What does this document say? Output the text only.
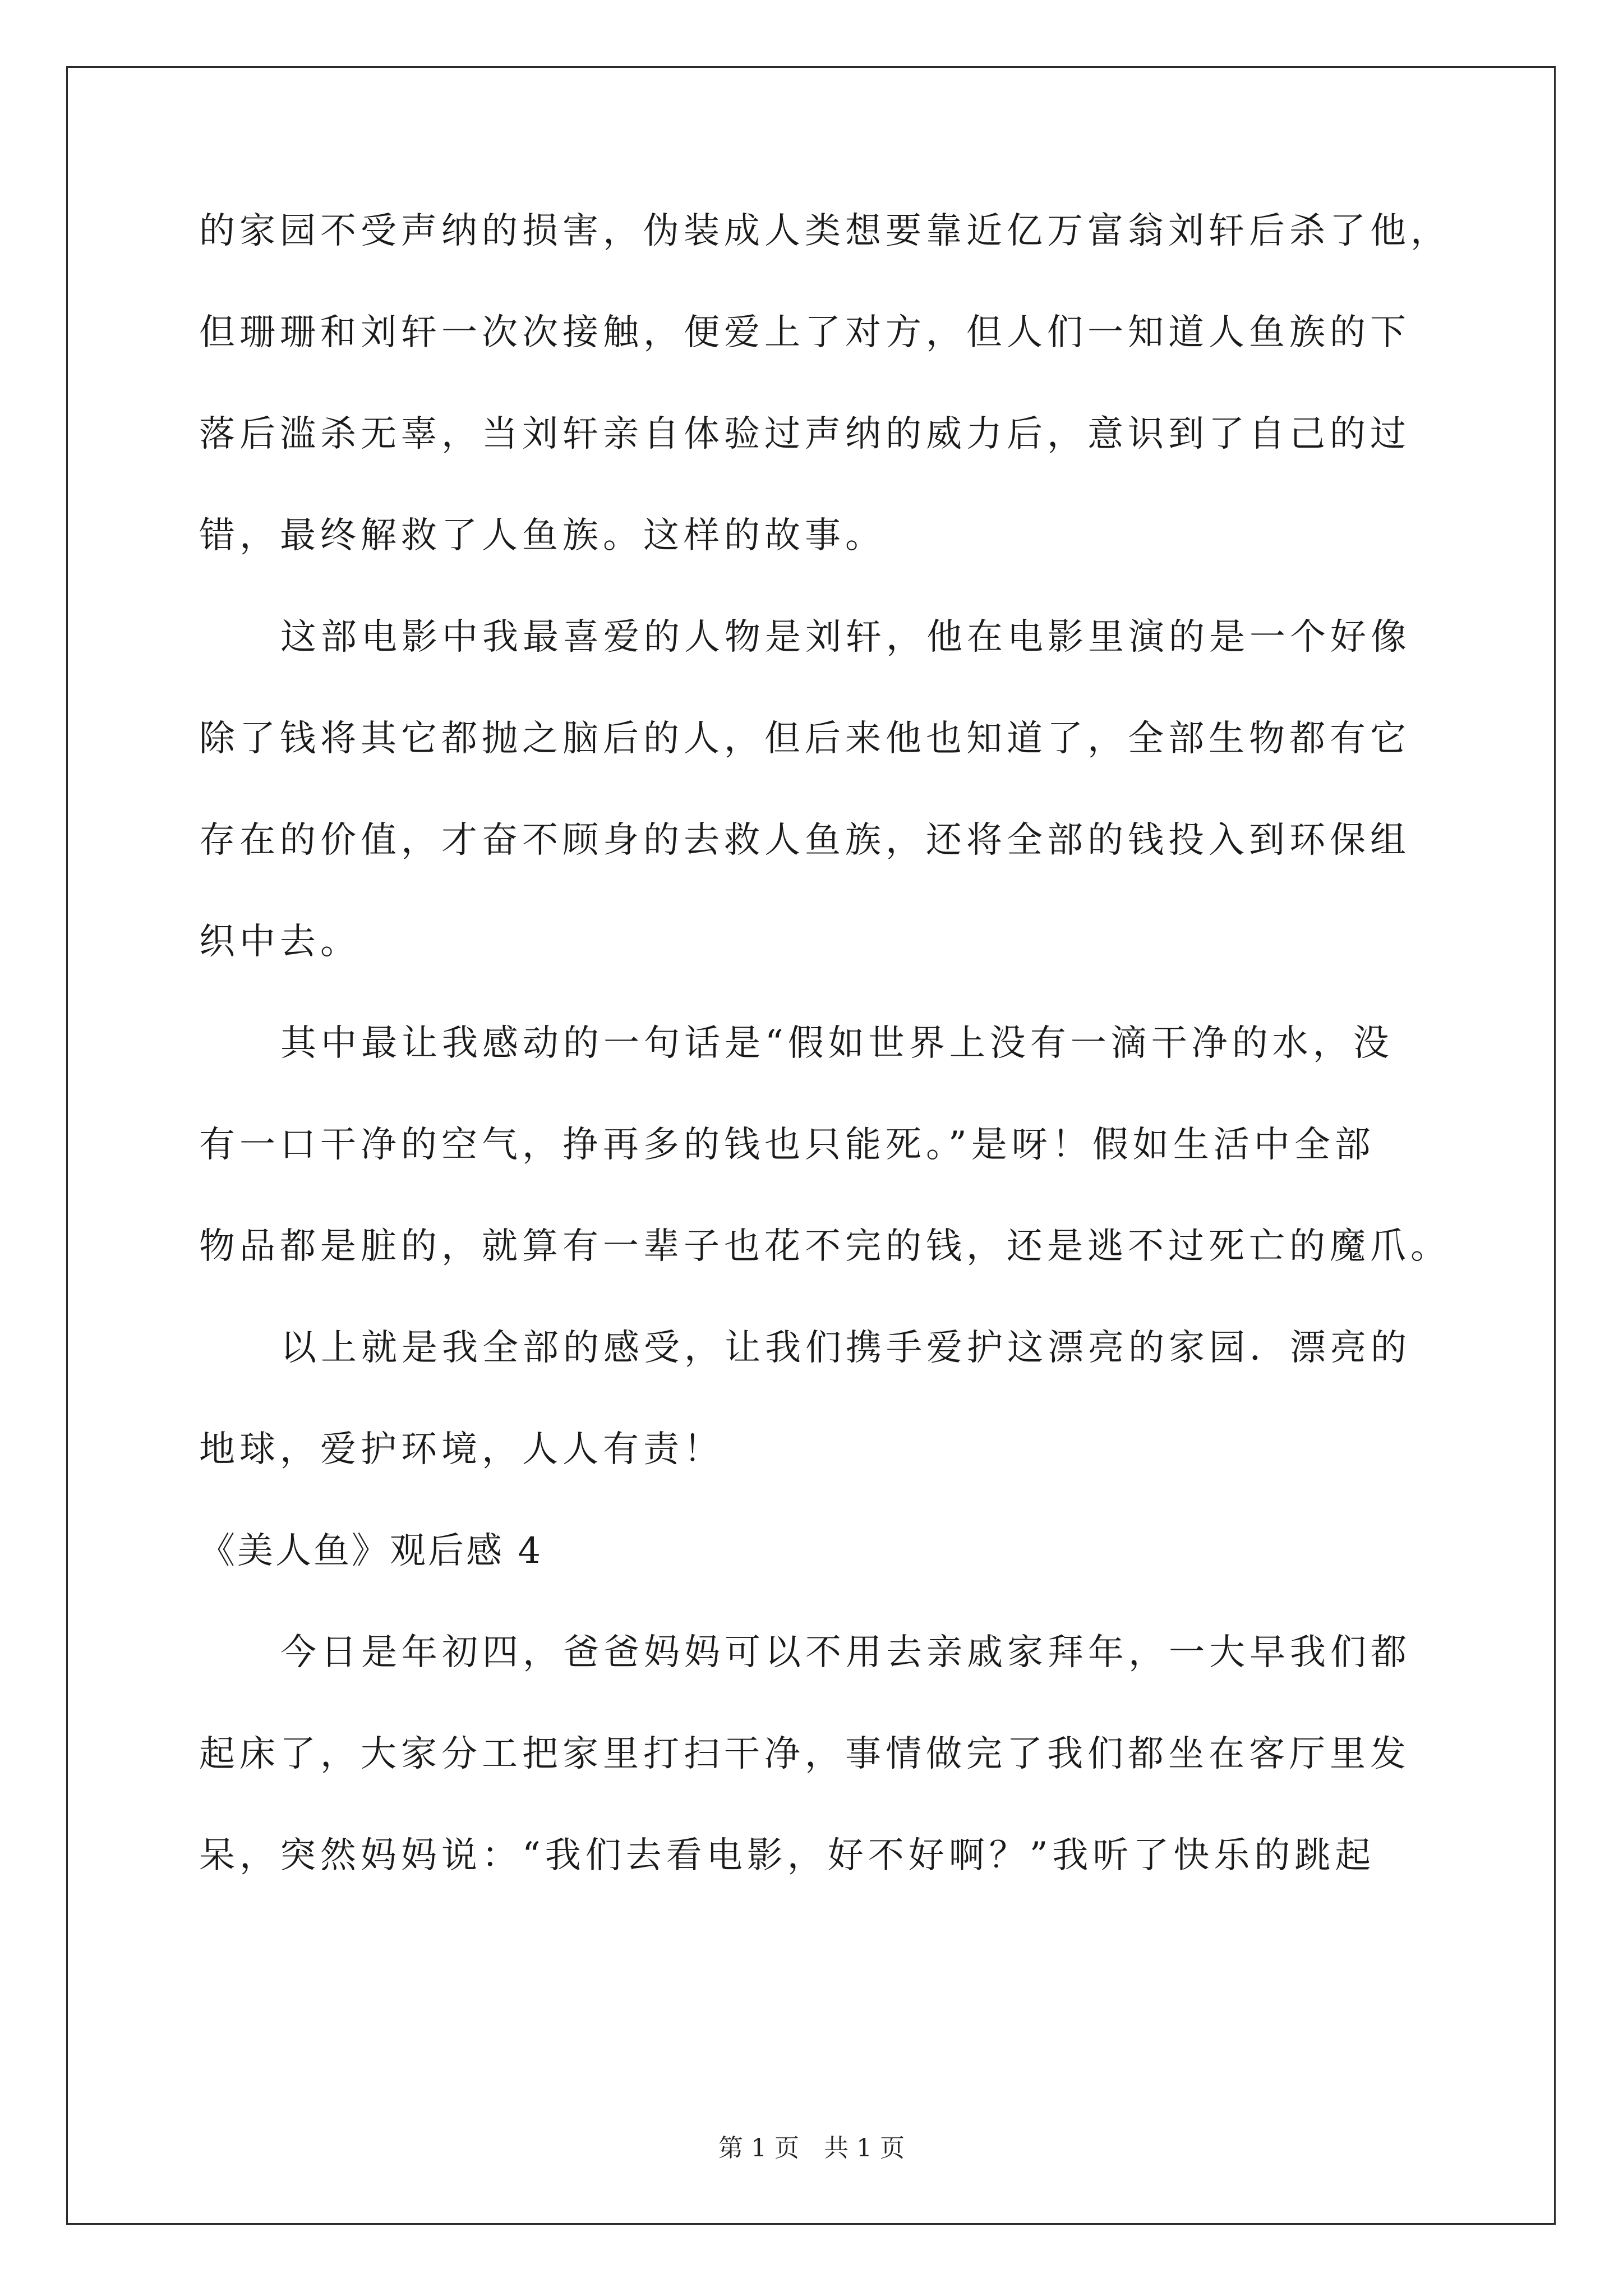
的家园不受声纳的损害，伪装成人类想要靠近亿万富翁刘轩后杀了他，
但珊珊和刘轩一次次接触，便爱上了对方，但人们一知道人鱼族的下
落后滥杀无辜，当刘轩亲自体验过声纳的威力后，意识到了自己的过
错，最终解救了人鱼族。这样的故事。
这部电影中我最喜爱的人物是刘轩，他在电影里演的是一个好像
除了钱将其它都抛之脑后的人，但后来他也知道了，全部生物都有它
存在的价值，才奋不顾身的去救人鱼族，还将全部的钱投入到环保组
织中去。
其中最让我感动的一句话是“假如世界上没有一滴干净的水，没
有一口干净的空气，挣再多的钱也只能死。”是呀！假如生活中全部
物品都是脏的，就算有一辈子也花不完的钱，还是逃不过死亡的魔爪。
以上就是我全部的感受，让我们携手爱护这漂亮的家园．漂亮的
地球，爱护环境，人人有责！
《美人鱼》观后感 4
今日是年初四，爸爸妈妈可以不用去亲戚家拜年，一大早我们都
起床了，大家分工把家里打扫干净，事情做完了我们都坐在客厅里发
呆，突然妈妈说：“我们去看电影，好不好啊？”我听了快乐的跳起
第 1 页　共 1 页
